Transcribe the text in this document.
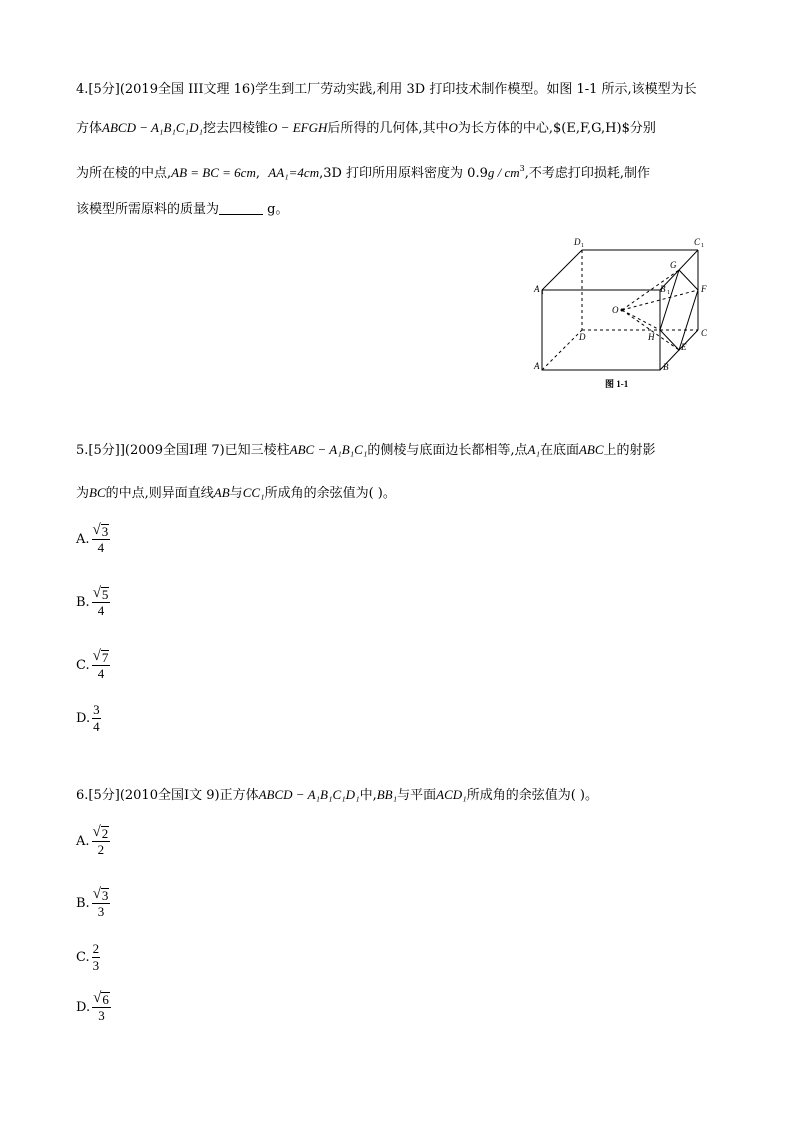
4.[5分](2019全国 III文理 16)学生到工厂劳动实践,利用 3D 打印技术制作模型。如图 1-1 所示,该模型为长
方体ABCD − A₁B₁C₁D₁挖去四棱锥O − EFGH后所得的几何体,其中O为长方体的中心,$(E,F,G,H)$分别
为所在棱的中点,AB = BC = 6cm, AA₁=4cm,3D 打印所用原料密度为 $0.9g / cm^3$,不考虑打印损耗,制作
该模型所需原料的质量为	g。
D 1	C 1
A 1	B 1
G
F
O
D	H	C
E
A	B
图 1-1
5.[5分]](2009全国Ⅰ理 7)已知三棱柱ABC − A₁B₁C₁的侧棱与底面边长都相等,点A₁在底面ABC上的射影
为BC的中点,则异面直线AB与CC₁所成角的余弦值为( )。
A. $\frac{√ 3}{4}$
B. $\frac{√ 5}{4}$
C. $\frac{√ 7}{4}$
D. $\frac{3}{4}$
6.[5分](2010全国Ⅰ文 9)正方体ABCD − A₁B₁C₁D₁中,BB₁与平面ACD₁所成角的余弦值为( )。
A. $\frac{√ 2}{2}$
B. $\frac{√ 3}{3}$
C. $\frac{2}{3}$
D. $\frac{√ 6}{3}$
